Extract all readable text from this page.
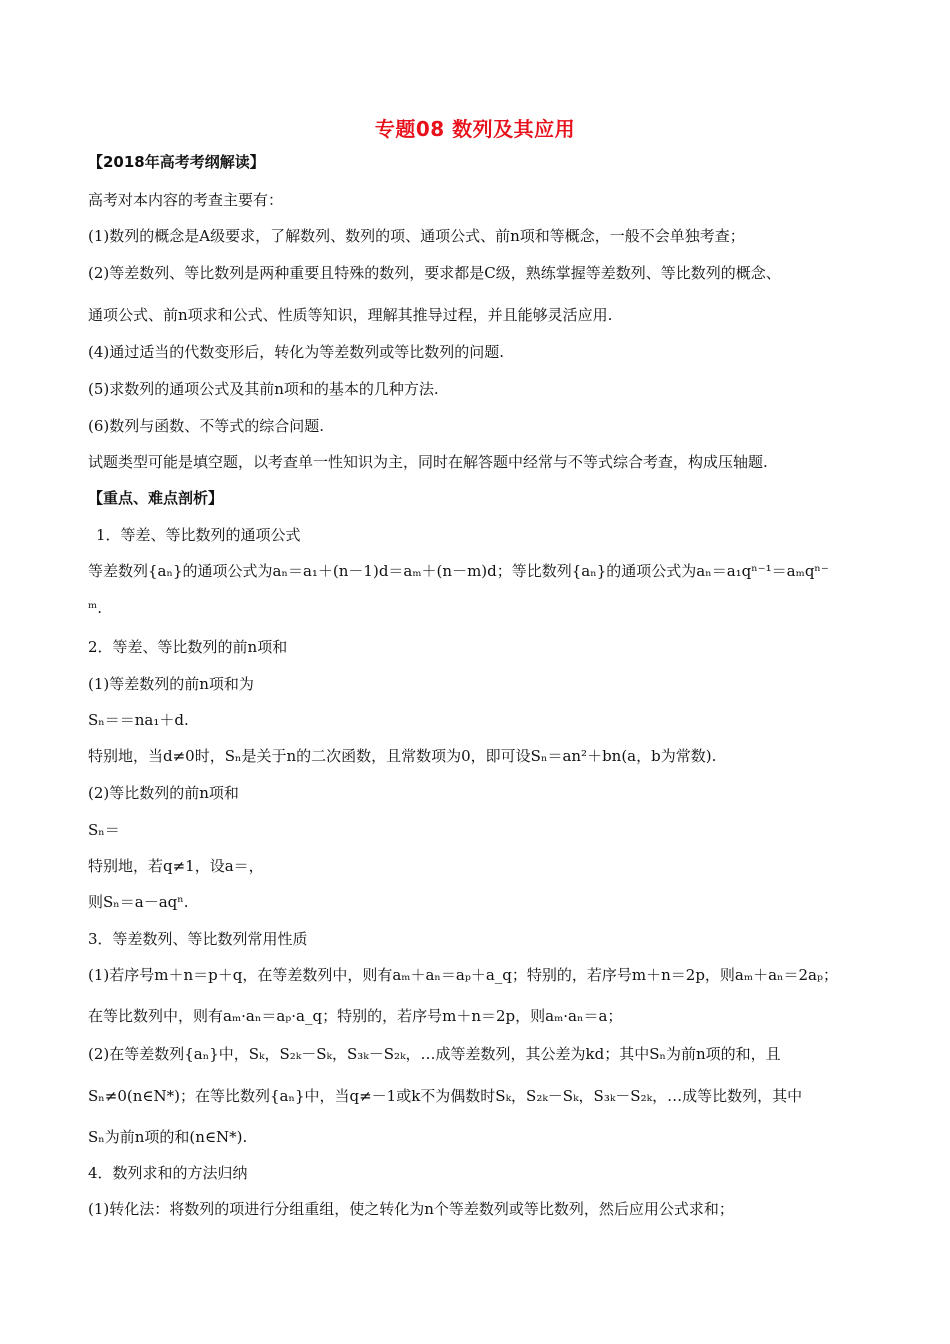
专题08 数列及其应用
【2018年高考考纲解读】
高考对本内容的考查主要有：
(1)数列的概念是A级要求，了解数列、数列的项、通项公式、前n项和等概念，一般不会单独考查；
(2)等差数列、等比数列是两种重要且特殊的数列，要求都是C级，熟练掌握等差数列、等比数列的概念、
通项公式、前n项求和公式、性质等知识，理解其推导过程，并且能够灵活应用.
(4)通过适当的代数变形后，转化为等差数列或等比数列的问题.
(5)求数列的通项公式及其前n项和的基本的几种方法.
(6)数列与函数、不等式的综合问题.
试题类型可能是填空题，以考查单一性知识为主，同时在解答题中经常与不等式综合考查，构成压轴题.
【重点、难点剖析】
1．等差、等比数列的通项公式
等差数列{aₙ}的通项公式为aₙ＝a₁＋(n－1)d＝aₘ＋(n－m)d；等比数列{aₙ}的通项公式为aₙ＝a₁qⁿ⁻¹＝aₘqⁿ⁻
ᵐ.
2．等差、等比数列的前n项和
(1)等差数列的前n项和为
Sₙ＝＝na₁＋d.
特别地，当d≠0时，Sₙ是关于n的二次函数，且常数项为0，即可设Sₙ＝an²＋bn(a，b为常数).
(2)等比数列的前n项和
Sₙ＝
特别地，若q≠1，设a＝，
则Sₙ＝a－aqⁿ.
3．等差数列、等比数列常用性质
(1)若序号m＋n＝p＋q，在等差数列中，则有aₘ＋aₙ＝aₚ＋a_q；特别的，若序号m＋n＝2p，则aₘ＋aₙ＝2aₚ；
在等比数列中，则有aₘ·aₙ＝aₚ·a_q；特别的，若序号m＋n＝2p，则aₘ·aₙ＝a；
(2)在等差数列{aₙ}中，Sₖ，S₂ₖ－Sₖ，S₃ₖ－S₂ₖ，…成等差数列，其公差为kd；其中Sₙ为前n项的和，且
Sₙ≠0(n∈N*)；在等比数列{aₙ}中，当q≠－1或k不为偶数时Sₖ，S₂ₖ－Sₖ，S₃ₖ－S₂ₖ，…成等比数列，其中
Sₙ为前n项的和(n∈N*).
4．数列求和的方法归纳
(1)转化法：将数列的项进行分组重组，使之转化为n个等差数列或等比数列，然后应用公式求和；
